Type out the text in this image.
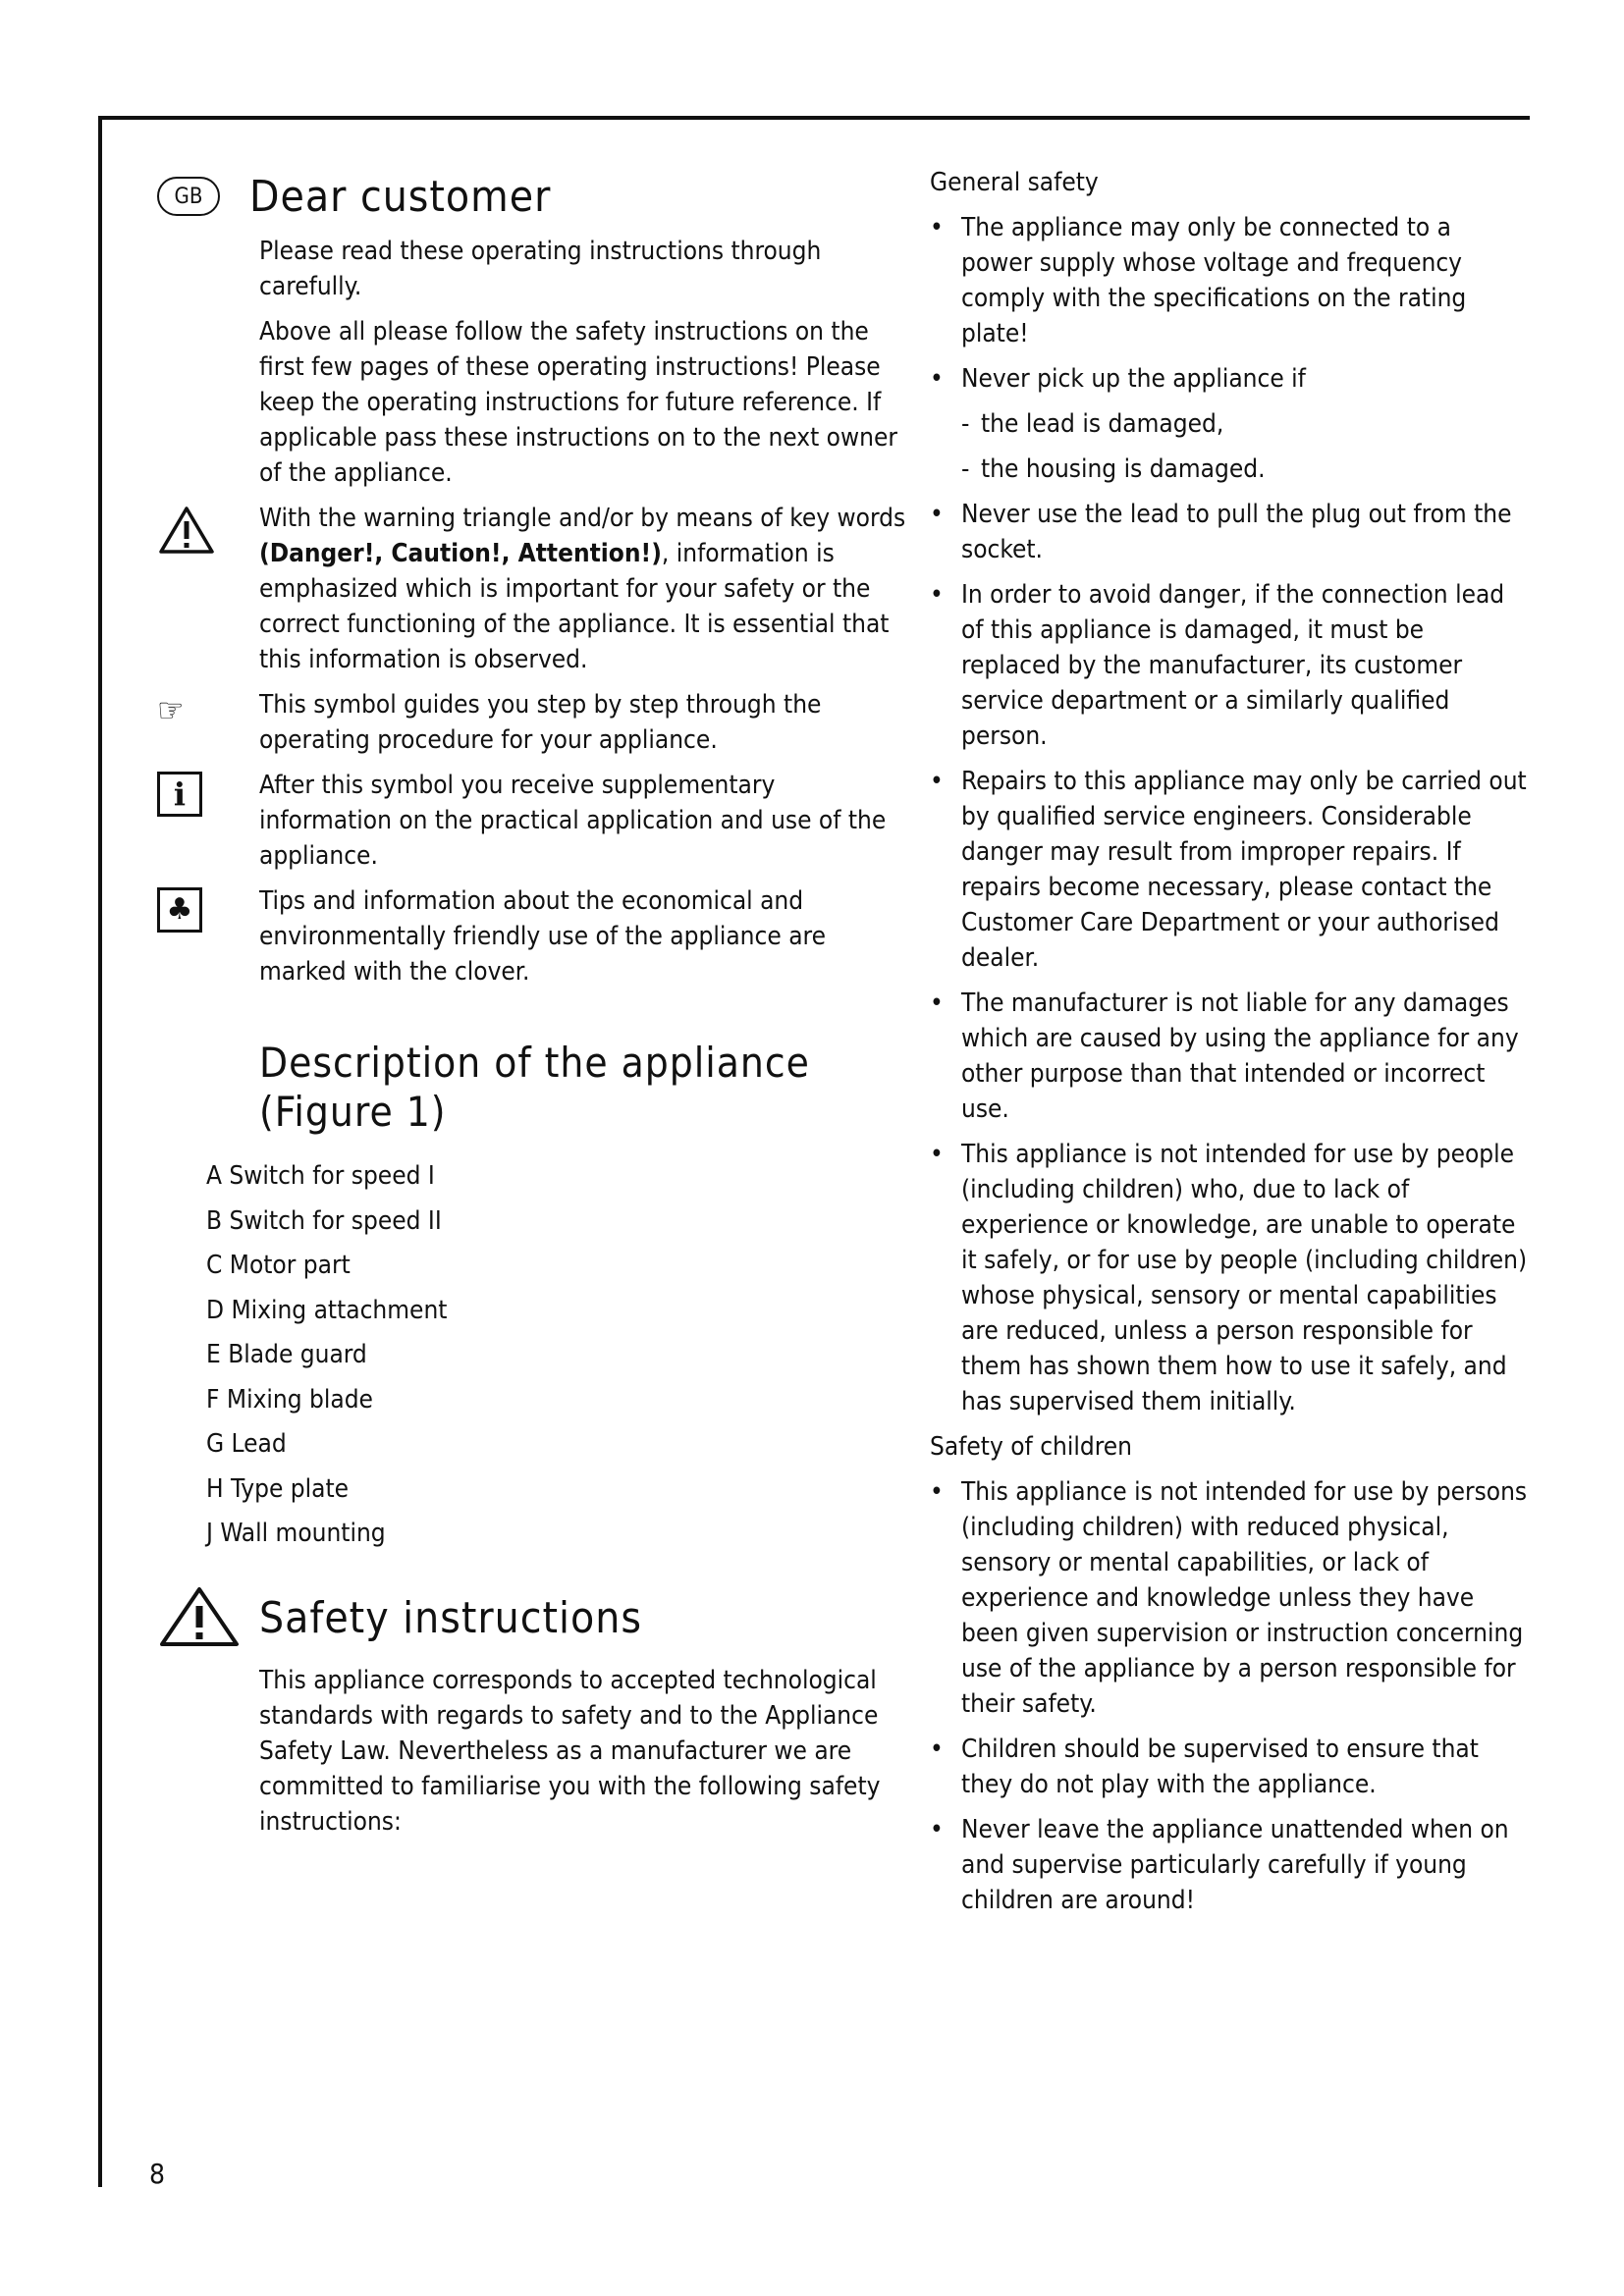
GB	Dear customer

Please read these operating instructions through carefully.

Above all please follow the safety instructions on the first few pages of these operating instructions! Please keep the operating instructions for future reference. If applicable pass these instructions on to the next owner of the appliance.

With the warning triangle and/or by means of key words (Danger!, Caution!, Attention!), information is emphasized which is important for your safety or the correct functioning of the appliance. It is essential that this information is observed.

☞	This symbol guides you step by step through the operating procedure for your appliance.

i	After this symbol you receive supplementary information on the practical application and use of the appliance.

♣	Tips and information about the economical and environmentally friendly use of the appliance are marked with the clover.

Description of the appliance
(Figure 1)
A Switch for speed I
B Switch for speed II
C Motor part
D Mixing attachment
E Blade guard
F Mixing blade
G Lead
H Type plate
J Wall mounting
Safety instructions

This appliance corresponds to accepted technological standards with regards to safety and to the Appliance Safety Law. Nevertheless as a manufacturer we are committed to familiarise you with the following safety instructions:

General safety

• The appliance may only be connected to a power supply whose voltage and frequency comply with the specifications on the rating plate!

• Never pick up the appliance if

- the lead is damaged,

- the housing is damaged.

• Never use the lead to pull the plug out from the socket.

• In order to avoid danger, if the connection lead of this appliance is damaged, it must be replaced by the manufacturer, its customer service department or a similarly qualified person.

• Repairs to this appliance may only be carried out by qualified service engineers. Considerable danger may result from improper repairs. If repairs become necessary, please contact the Customer Care Department or your authorised dealer.

• The manufacturer is not liable for any damages which are caused by using the appliance for any other purpose than that intended or incorrect use.

• This appliance is not intended for use by people (including children) who, due to lack of experience or knowledge, are unable to operate it safely, or for use by people (including children) whose physical, sensory or mental capabilities are reduced, unless a person responsible for them has shown them how to use it safely, and has supervised them initially.

Safety of children

• This appliance is not intended for use by persons (including children) with reduced physical, sensory or mental capabilities, or lack of experience and knowledge unless they have been given supervision or instruction concerning use of the appliance by a person responsible for their safety.

• Children should be supervised to ensure that they do not play with the appliance.

• Never leave the appliance unattended when on and supervise particularly carefully if young children are around!

8
